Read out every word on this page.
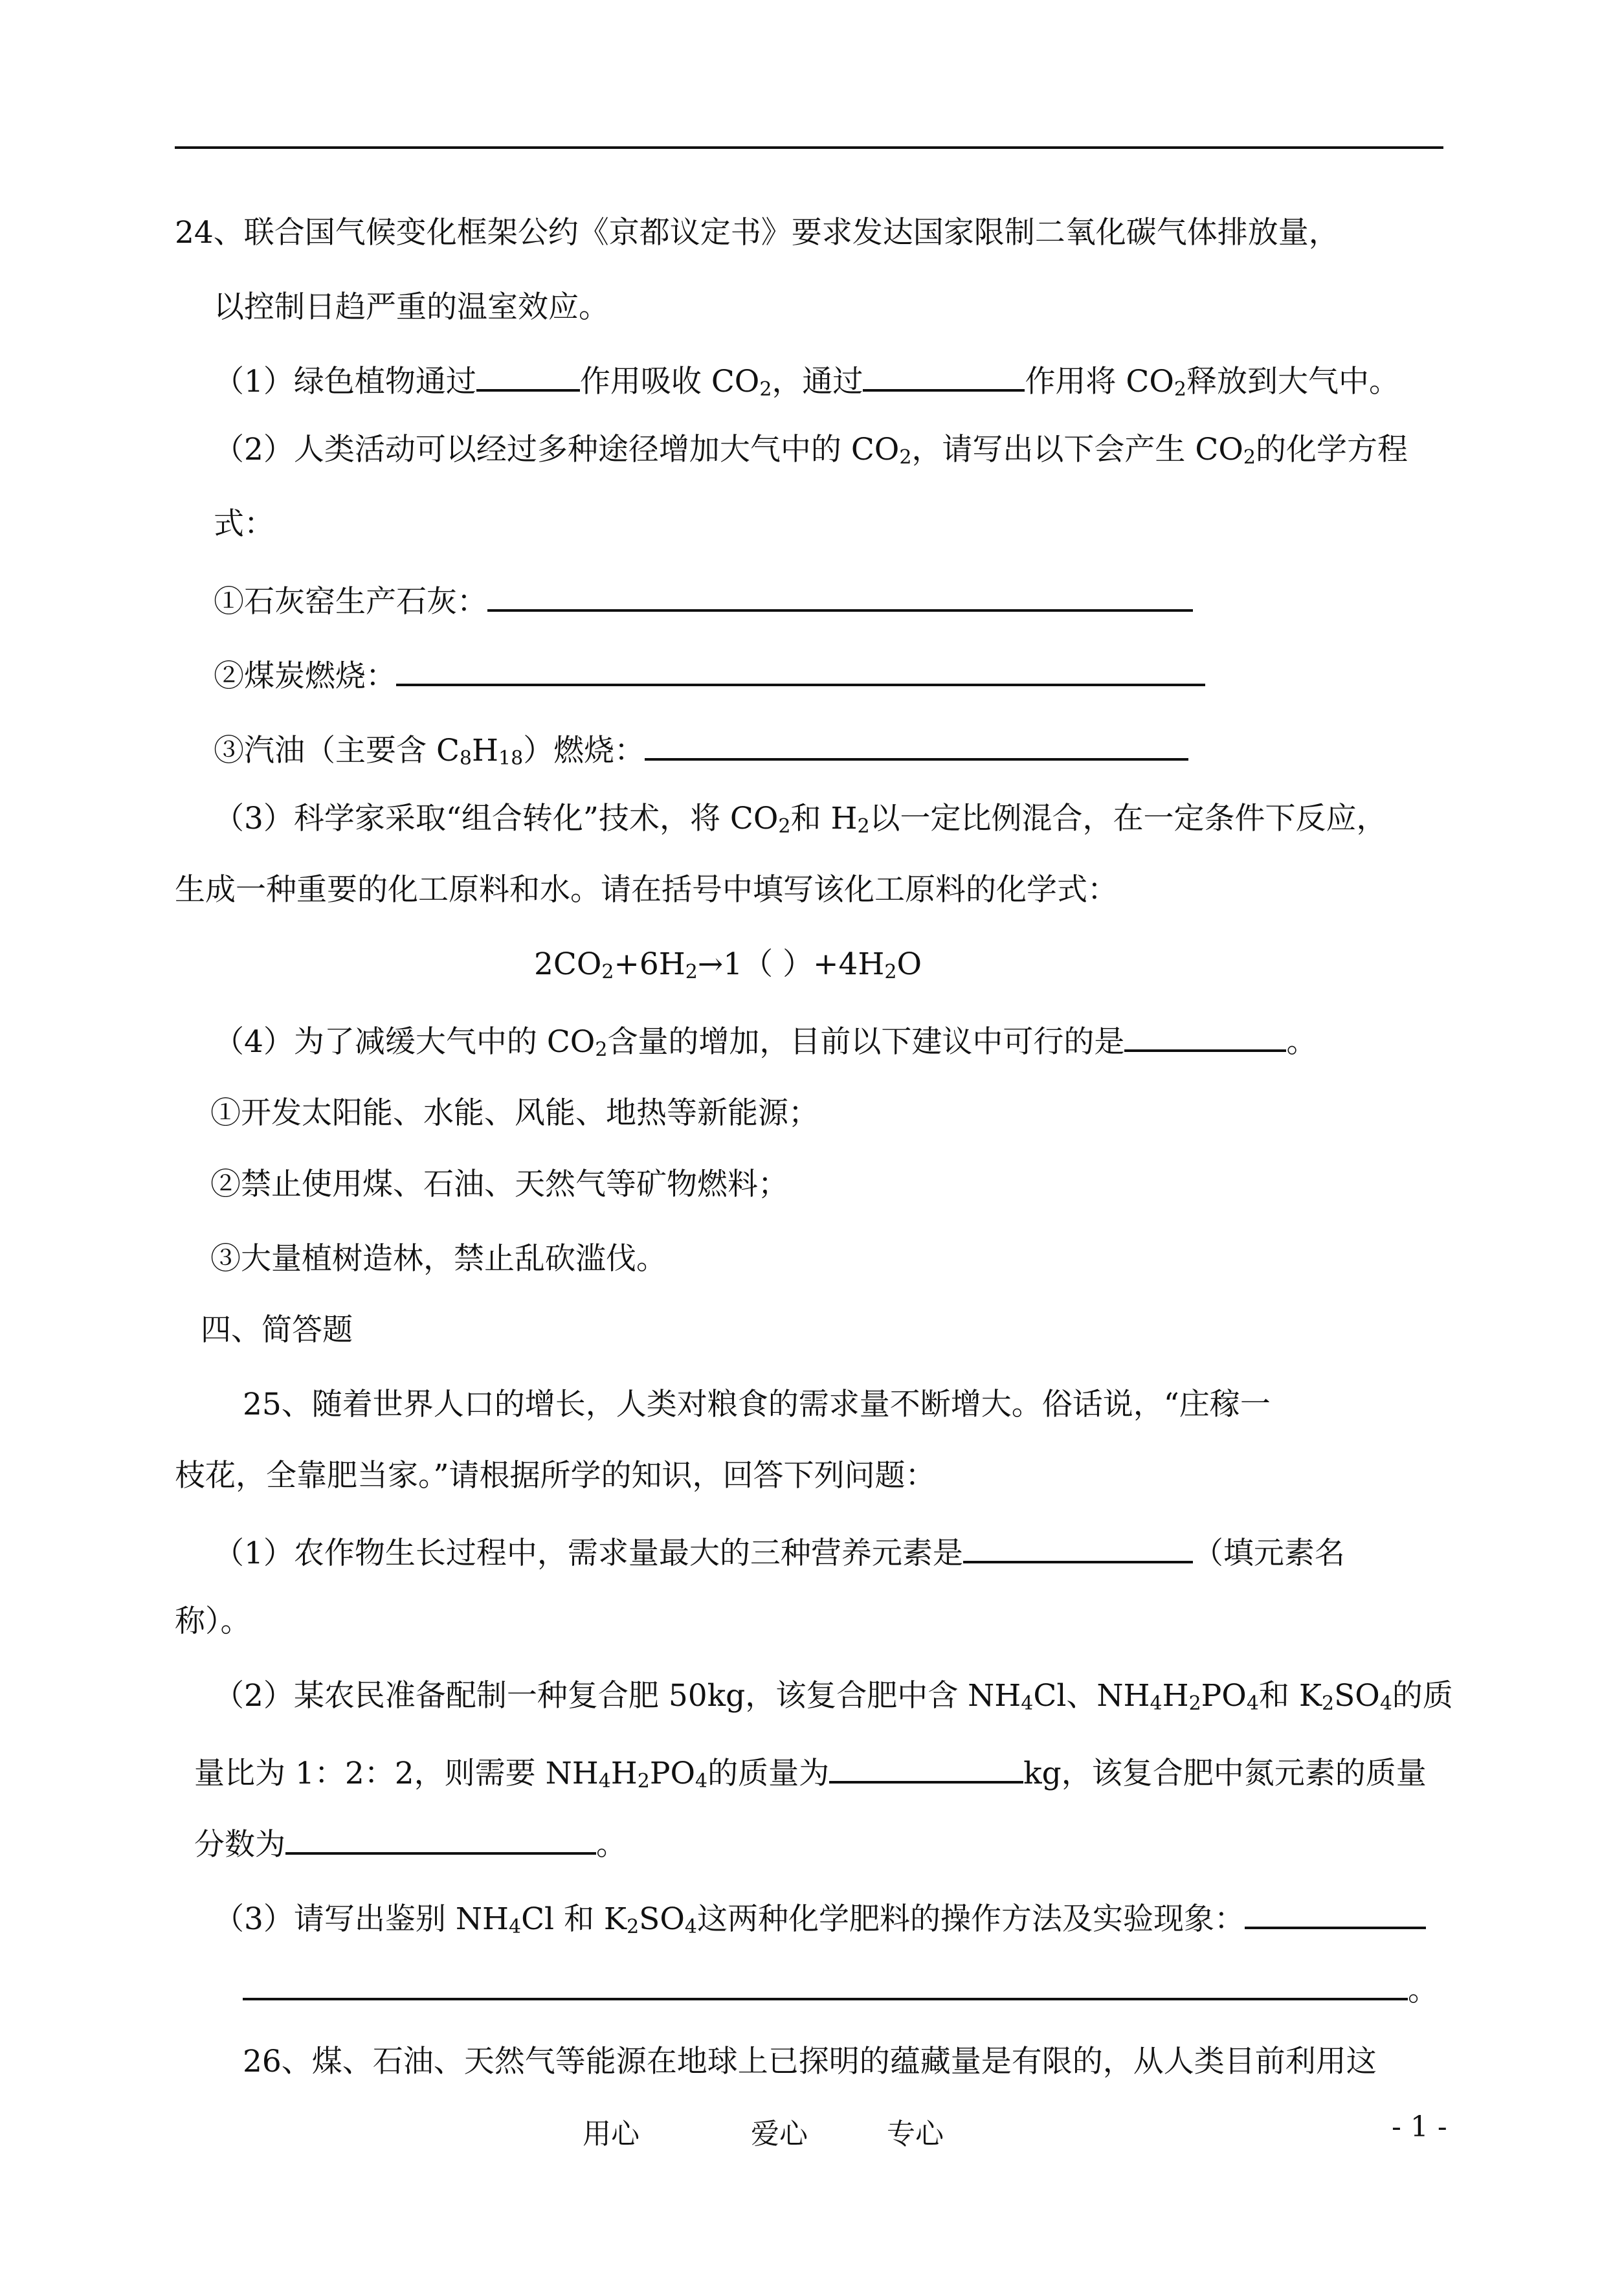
24、联合国气候变化框架公约《京都议定书》要求发达国家限制二氧化碳气体排放量，
以控制日趋严重的温室效应。
（1）绿色植物通过	作用吸收 $CO_2$，通过	作用将 $CO_2$释放到大气中。
（2）人类活动可以经过多种途径增加大气中的 $CO_2$，请写出以下会产生 $CO_2$的化学方程
式：
①石灰窑生产石灰：
②煤炭燃烧：
③汽油（主要含 $C_8H_{18}$）燃烧：
（3）科学家采取“组合转化”技术，将 $CO_2$和 $H_2$以一定比例混合，在一定条件下反应，
生成一种重要的化工原料和水。请在括号中填写该化工原料的化学式：
$2CO_2+6H_2\to 1$（ ）$+4H_2O$
（4）为了减缓大气中的 $CO_2$含量的增加，目前以下建议中可行的是	。
①开发太阳能、水能、风能、地热等新能源；
②禁止使用煤、石油、天然气等矿物燃料；
③大量植树造林，禁止乱砍滥伐。
四、简答题
25、随着世界人口的增长，人类对粮食的需求量不断增大。俗话说，“庄稼一
枝花，全靠肥当家。”请根据所学的知识，回答下列问题：
（1）农作物生长过程中，需求量最大的三种营养元素是	（填元素名
称）。
（2）某农民准备配制一种复合肥 50kg，该复合肥中含 $NH_4Cl$、$NH_4H_2PO_4$和 $K_2SO_4$的质
量比为 1：2：2，则需要 $NH_4H_2PO_4$的质量为	kg，该复合肥中氮元素的质量
分数为	。
（3）请写出鉴别 $NH_4Cl$ 和 $K_2SO_4$这两种化学肥料的操作方法及实验现象：
。
26、煤、石油、天然气等能源在地球上已探明的蕴藏量是有限的，从人类目前利用这
用心	爱心	专心	- 1 -
